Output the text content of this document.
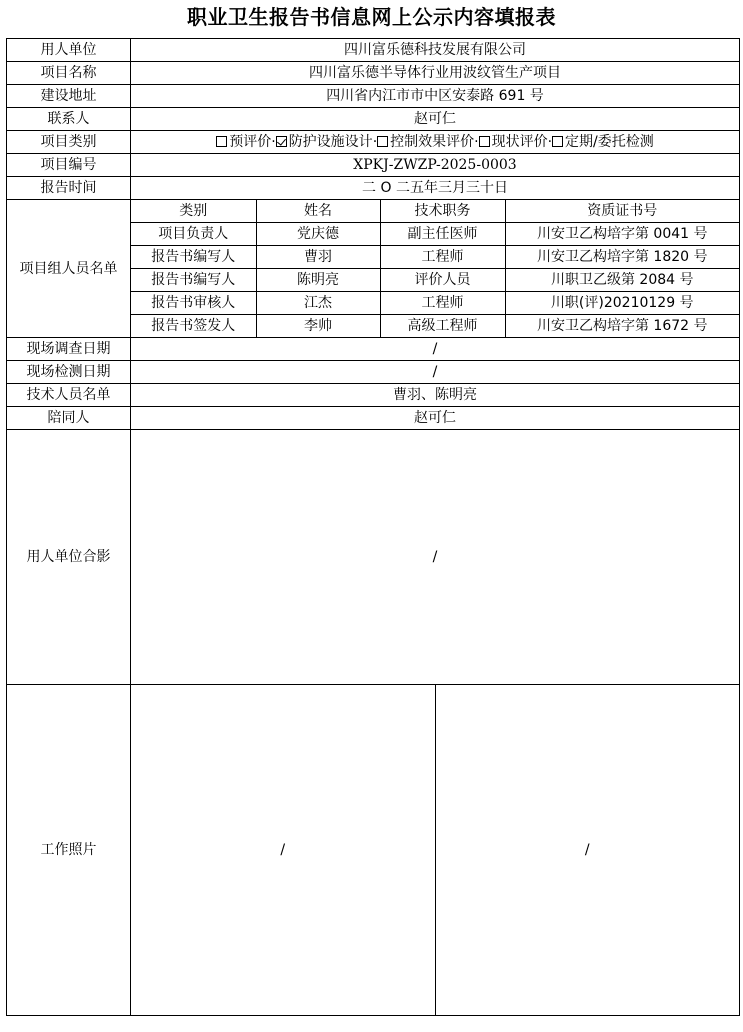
职业卫生报告书信息网上公示内容填报表
用人单位	四川富乐德科技发展有限公司
项目名称	四川富乐德半导体行业用波纹管生产项目
建设地址	四川省内江市市中区安泰路 691 号
联系人	赵可仁
项目类别	预评价· 防护设施设计· 控制效果评价· 现状评价· 定期/委托检测
项目编号	XPKJ-ZWZP-2025-0003
报告时间	二 O 二五年三月三十日
项目组人员名单	
类别	姓名	技术职务	资质证书号
项目负责人	党庆德	副主任医师	川安卫乙构培字第 0041 号
报告书编写人	曹羽	工程师	川安卫乙构培字第 1820 号
报告书编写人	陈明亮	评价人员	川职卫乙级第 2084 号
报告书审核人	江杰	工程师	川职(评)20210129 号
报告书签发人	李帅	高级工程师	川安卫乙构培字第 1672 号

现场调查日期	/
现场检测日期	/
技术人员名单	曹羽、陈明亮
陪同人	赵可仁
用人单位合影	/
工作照片	/	/
